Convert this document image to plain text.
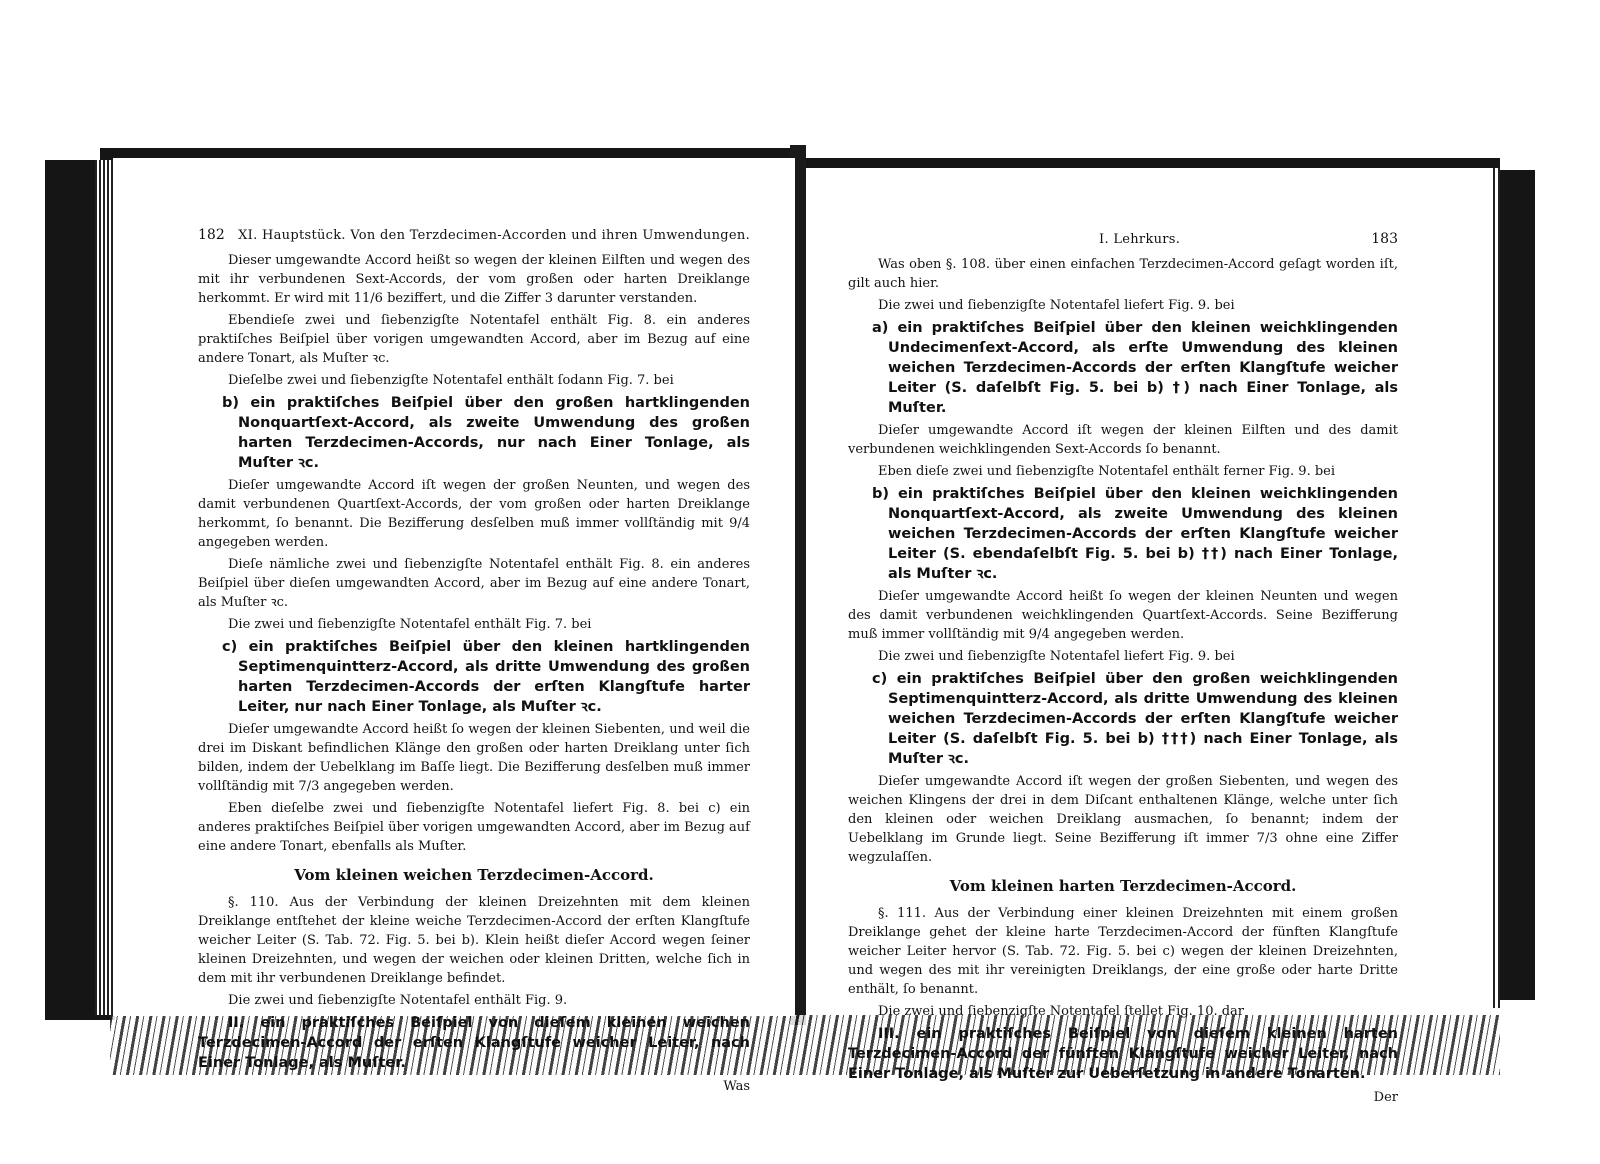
182 XI. Hauptstück. Von den Terzdecimen-Accorden und ihren Umwendungen.

Dieser umgewandte Accord heißt so wegen der kleinen Eilften und wegen des mit ihr verbundenen Sext-Accords, der vom großen oder harten Dreiklange herkommt. Er wird mit 11/6 beziffert, und die Ziffer 3 darunter verstanden.

Ebendieſe zwei und ſiebenzigſte Notentafel enthält Fig. 8. ein anderes praktiſches Beiſpiel über vorigen umgewandten Accord, aber im Bezug auf eine andere Tonart, als Muſter ꝛc.

Dieſelbe zwei und ſiebenzigſte Notentafel enthält ſodann Fig. 7. bei

b) ein praktiſches Beiſpiel über den großen hartklingenden Nonquartſext-Accord, als zweite Umwendung des großen harten Terzdecimen-Accords, nur nach Einer Tonlage, als Muſter ꝛc.

Dieſer umgewandte Accord iſt wegen der großen Neunten, und wegen des damit verbundenen Quartſext-Accords, der vom großen oder harten Dreiklange herkommt, ſo benannt. Die Bezifferung desſelben muß immer vollſtändig mit 9/4 angegeben werden.

Dieſe nämliche zwei und ſiebenzigſte Notentafel enthält Fig. 8. ein anderes Beiſpiel über dieſen umgewandten Accord, aber im Bezug auf eine andere Tonart, als Muſter ꝛc.

Die zwei und ſiebenzigſte Notentafel enthält Fig. 7. bei

c) ein praktiſches Beiſpiel über den kleinen hartklingenden Septimenquintterz-Accord, als dritte Umwendung des großen harten Terzdecimen-Accords der erſten Klangſtufe harter Leiter, nur nach Einer Tonlage, als Muſter ꝛc.

Dieſer umgewandte Accord heißt ſo wegen der kleinen Siebenten, und weil die drei im Diskant befindlichen Klänge den großen oder harten Dreiklang unter ſich bilden, indem der Uebelklang im Baſſe liegt. Die Bezifferung desſelben muß immer vollſtändig mit 7/3 angegeben werden.

Eben dieſelbe zwei und ſiebenzigſte Notentafel liefert Fig. 8. bei c) ein anderes praktiſches Beiſpiel über vorigen umgewandten Accord, aber im Bezug auf eine andere Tonart, ebenfalls als Muſter.

Vom kleinen weichen Terzdecimen-Accord.

§. 110. Aus der Verbindung der kleinen Dreizehnten mit dem kleinen Dreiklange entſtehet der kleine weiche Terzdecimen-Accord der erſten Klangſtufe weicher Leiter (S. Tab. 72. Fig. 5. bei b). Klein heißt dieſer Accord wegen ſeiner kleinen Dreizehnten, und wegen der weichen oder kleinen Dritten, welche ſich in dem mit ihr verbundenen Dreiklange befindet.

Die zwei und ſiebenzigſte Notentafel enthält Fig. 9.

II. ein praktiſches Beiſpiel von dieſem kleinen weichen Terzdecimen-Accord der erſten Klangſtufe weicher Leiter, nach Einer Tonlage, als Muſter.

Was
I. Lehrkurs.	183

Was oben §. 108. über einen einfachen Terzdecimen-Accord geſagt worden iſt, gilt auch hier.

Die zwei und ſiebenzigſte Notentafel liefert Fig. 9. bei

a) ein praktiſches Beiſpiel über den kleinen weichklingenden Undecimenſext-Accord, als erſte Umwendung des kleinen weichen Terzdecimen-Accords der erſten Klangſtufe weicher Leiter (S. daſelbſt Fig. 5. bei b) †) nach Einer Tonlage, als Muſter.

Dieſer umgewandte Accord iſt wegen der kleinen Eilften und des damit verbundenen weichklingenden Sext-Accords ſo benannt.

Eben dieſe zwei und ſiebenzigſte Notentafel enthält ferner Fig. 9. bei

b) ein praktiſches Beiſpiel über den kleinen weichklingenden Nonquartſext-Accord, als zweite Umwendung des kleinen weichen Terzdecimen-Accords der erſten Klangſtufe weicher Leiter (S. ebendaſelbſt Fig. 5. bei b) ††) nach Einer Tonlage, als Muſter ꝛc.

Dieſer umgewandte Accord heißt ſo wegen der kleinen Neunten und wegen des damit verbundenen weichklingenden Quartſext-Accords. Seine Bezifferung muß immer vollſtändig mit 9/4 angegeben werden.

Die zwei und ſiebenzigſte Notentafel liefert Fig. 9. bei

c) ein praktiſches Beiſpiel über den großen weichklingenden Septimenquintterz-Accord, als dritte Umwendung des kleinen weichen Terzdecimen-Accords der erſten Klangſtufe weicher Leiter (S. daſelbſt Fig. 5. bei b) †††) nach Einer Tonlage, als Muſter ꝛc.

Dieſer umgewandte Accord iſt wegen der großen Siebenten, und wegen des weichen Klingens der drei in dem Diſcant enthaltenen Klänge, welche unter ſich den kleinen oder weichen Dreiklang ausmachen, ſo benannt; indem der Uebelklang im Grunde liegt. Seine Bezifferung iſt immer 7/3 ohne eine Ziffer wegzulaſſen.

Vom kleinen harten Terzdecimen-Accord.

§. 111. Aus der Verbindung einer kleinen Dreizehnten mit einem großen Dreiklange gehet der kleine harte Terzdecimen-Accord der fünften Klangſtufe weicher Leiter hervor (S. Tab. 72. Fig. 5. bei c) wegen der kleinen Dreizehnten, und wegen des mit ihr vereinigten Dreiklangs, der eine große oder harte Dritte enthält, ſo benannt.

Die zwei und ſiebenzigſte Notentafel ſtellet Fig. 10. dar

III. ein praktiſches Beiſpiel von dieſem kleinen harten Terzdecimen-Accord der fünften Klangſtufe weicher Leiter, nach Einer Tonlage, als Muſter zur Ueberſetzung in andere Tonarten.

Der
